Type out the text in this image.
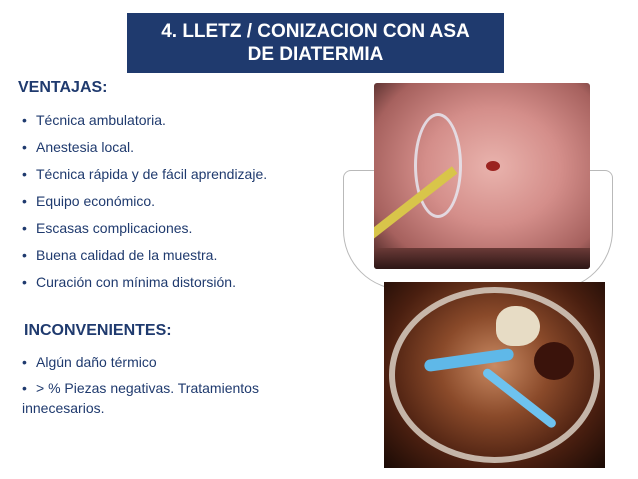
4. LLETZ / CONIZACION CON ASA
DE DIATERMIA
VENTAJAS:
• Técnica ambulatoria.
• Anestesia local.
• Técnica rápida y de fácil aprendizaje.
• Equipo económico.
• Escasas complicaciones.
• Buena calidad de la muestra.
• Curación con mínima distorsión.
INCONVENIENTES:
• Algún daño térmico
• > % Piezas negativas. Tratamientos innecesarios.
